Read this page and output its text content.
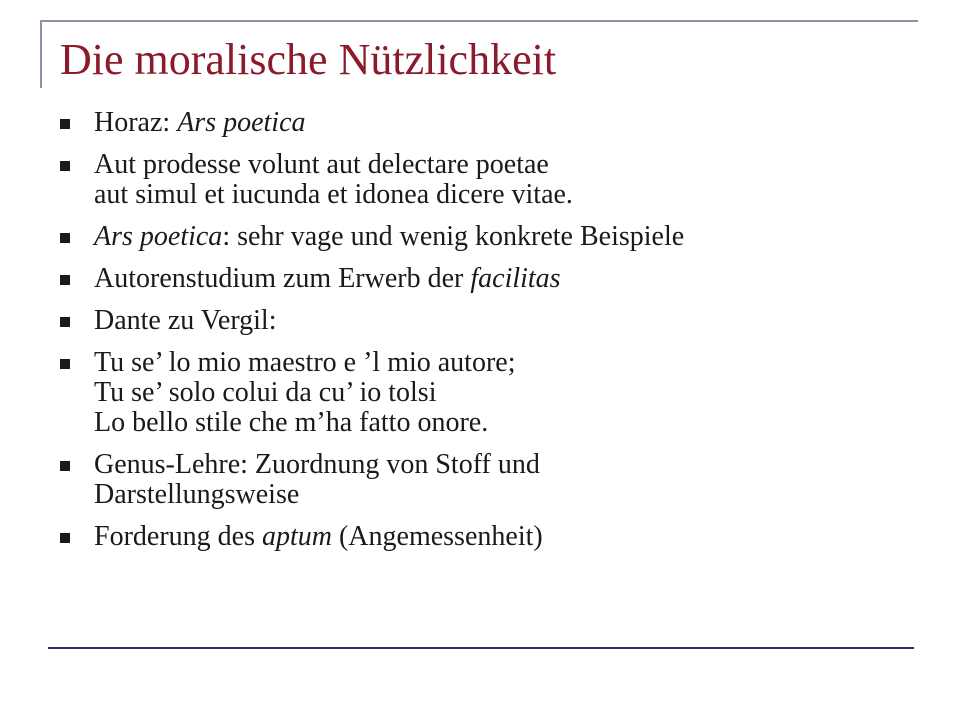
Die moralische Nützlichkeit
Horaz: Ars poetica
Aut prodesse volunt aut delectare poetae
aut simul et iucunda et idonea dicere vitae.
Ars poetica: sehr vage und wenig konkrete Beispiele
Autorenstudium zum Erwerb der facilitas
Dante zu Vergil:
Tu se’ lo mio maestro e ’l mio autore;
Tu se’ solo colui da cu’ io tolsi
Lo bello stile che m’ha fatto onore.
Genus-Lehre: Zuordnung von Stoff und
Darstellungsweise
Forderung des aptum (Angemessenheit)
